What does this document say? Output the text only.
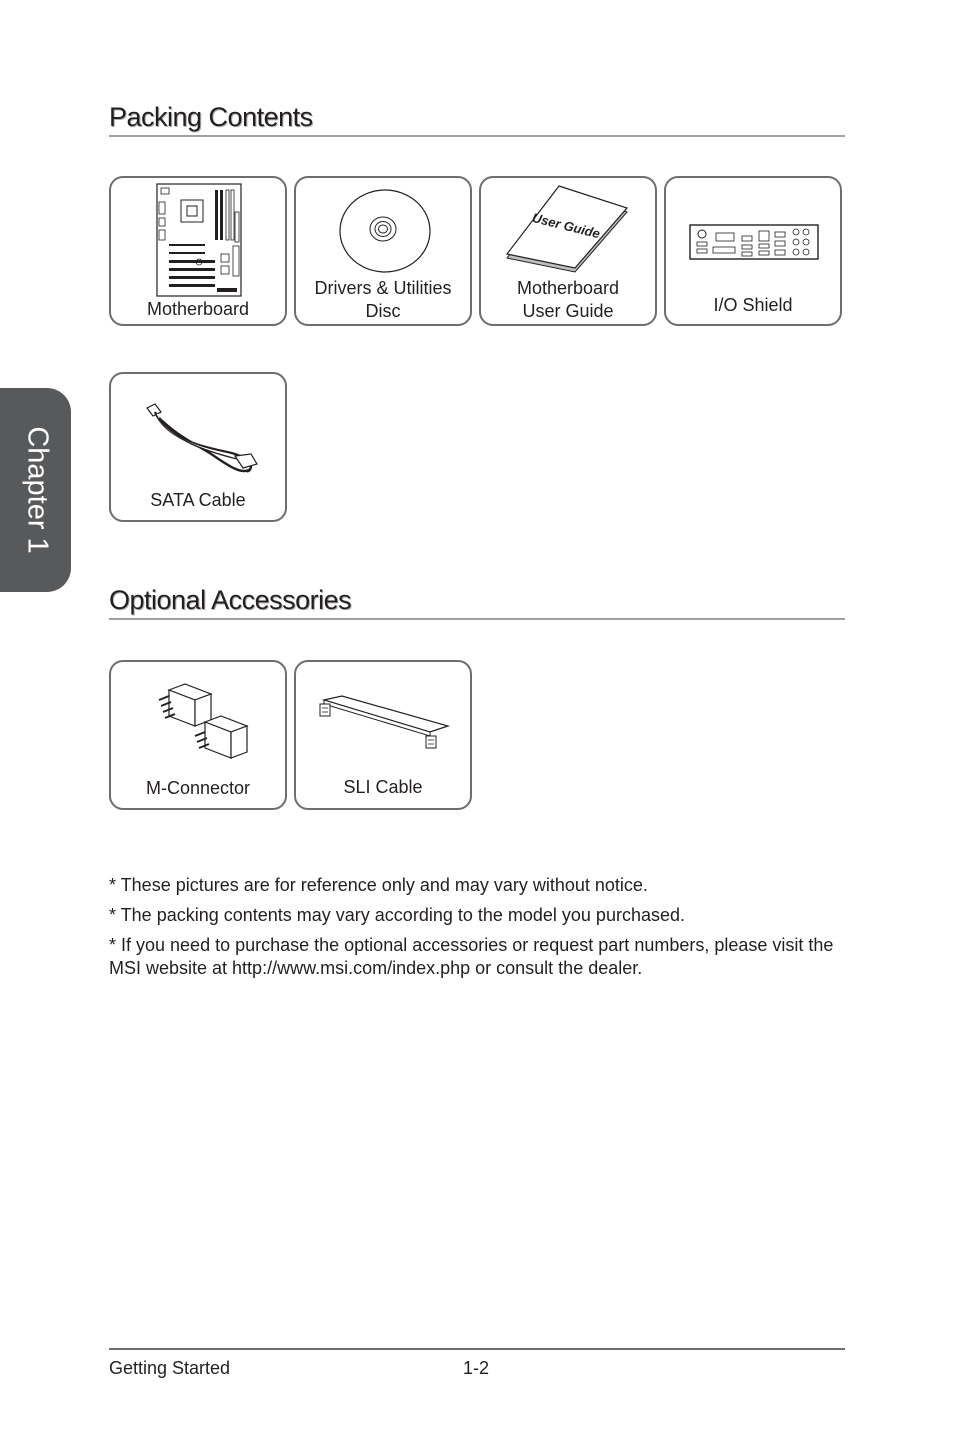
Chapter 1
Packing Contents
Motherboard
Drivers & Utilities
Disc
User Guide
Motherboard
User Guide	I/O Shield
SATA Cable
Optional Accessories
M-Connector	SLI Cable

* These pictures are for reference only and may vary without notice.

* The packing contents may vary according to the model you purchased.

* If you need to purchase the optional accessories or request part numbers, please visit the MSI website at http://www.msi.com/index.php or consult the dealer.

Getting Started	1-2
